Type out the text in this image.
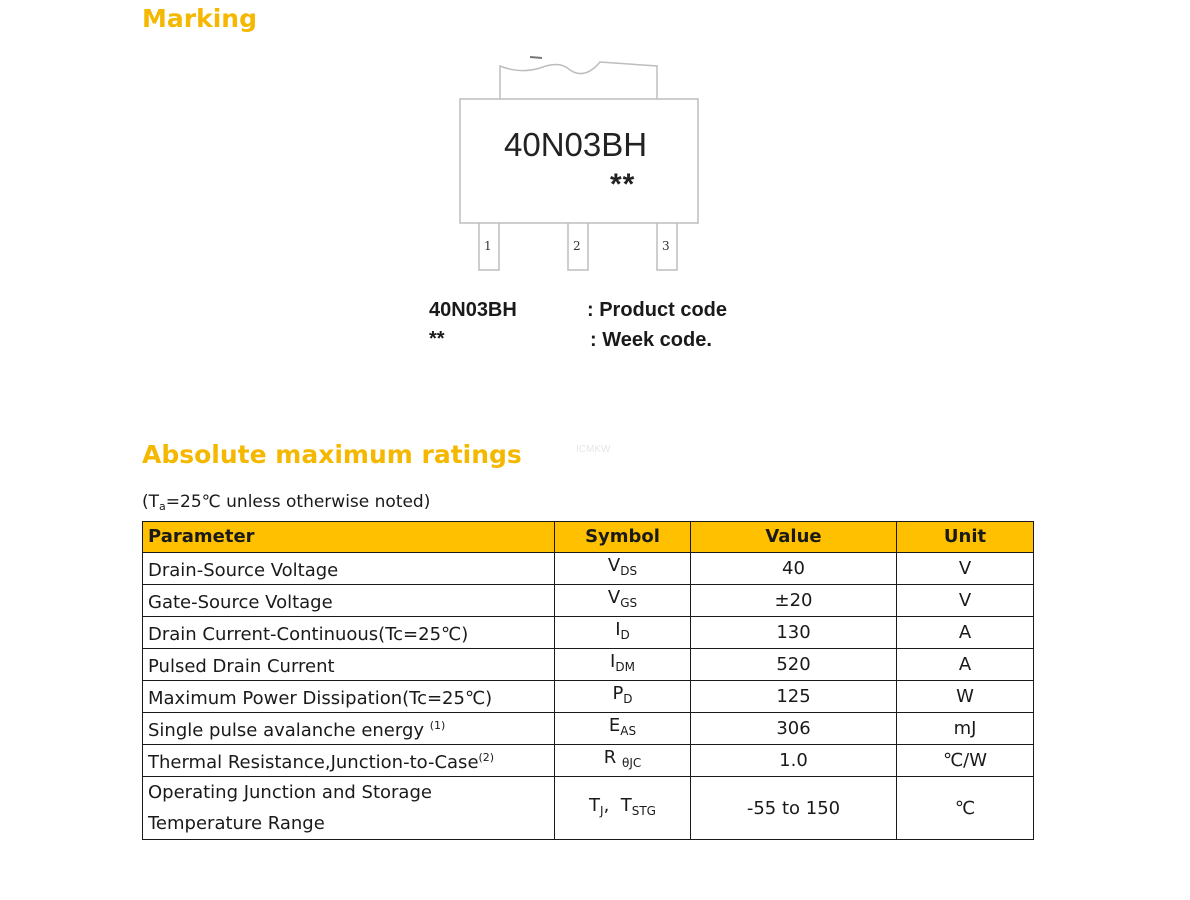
Marking
40N03BH
**
1	2	3
40N03BH	: Product code
**	: Week code.
Absolute maximum ratings	ICMKW
($T_a=25℃$ unless otherwise noted)
Parameter	Symbol	Value	Unit
Drain-Source Voltage	$V_{DS}$	40	V
Gate-Source Voltage	$V_{GS}$	±20	V
Drain Current-Continuous(Tc=25℃)	$I_D$	130	A
Pulsed Drain Current	$I_{DM}$	520	A
Maximum Power Dissipation(Tc=25℃)	$P_D$	125	W
Single pulse avalanche energy $^{(1)}$	$E_{AS}$	306	mJ
Thermal Resistance,Junction-to-Case$^{(2)}$	R $_{\theta JC}$	1.0	℃/W

Operating Junction and Storage
Temperature Range	$T_J$,  $T_{STG}$	-55 to 150	℃
